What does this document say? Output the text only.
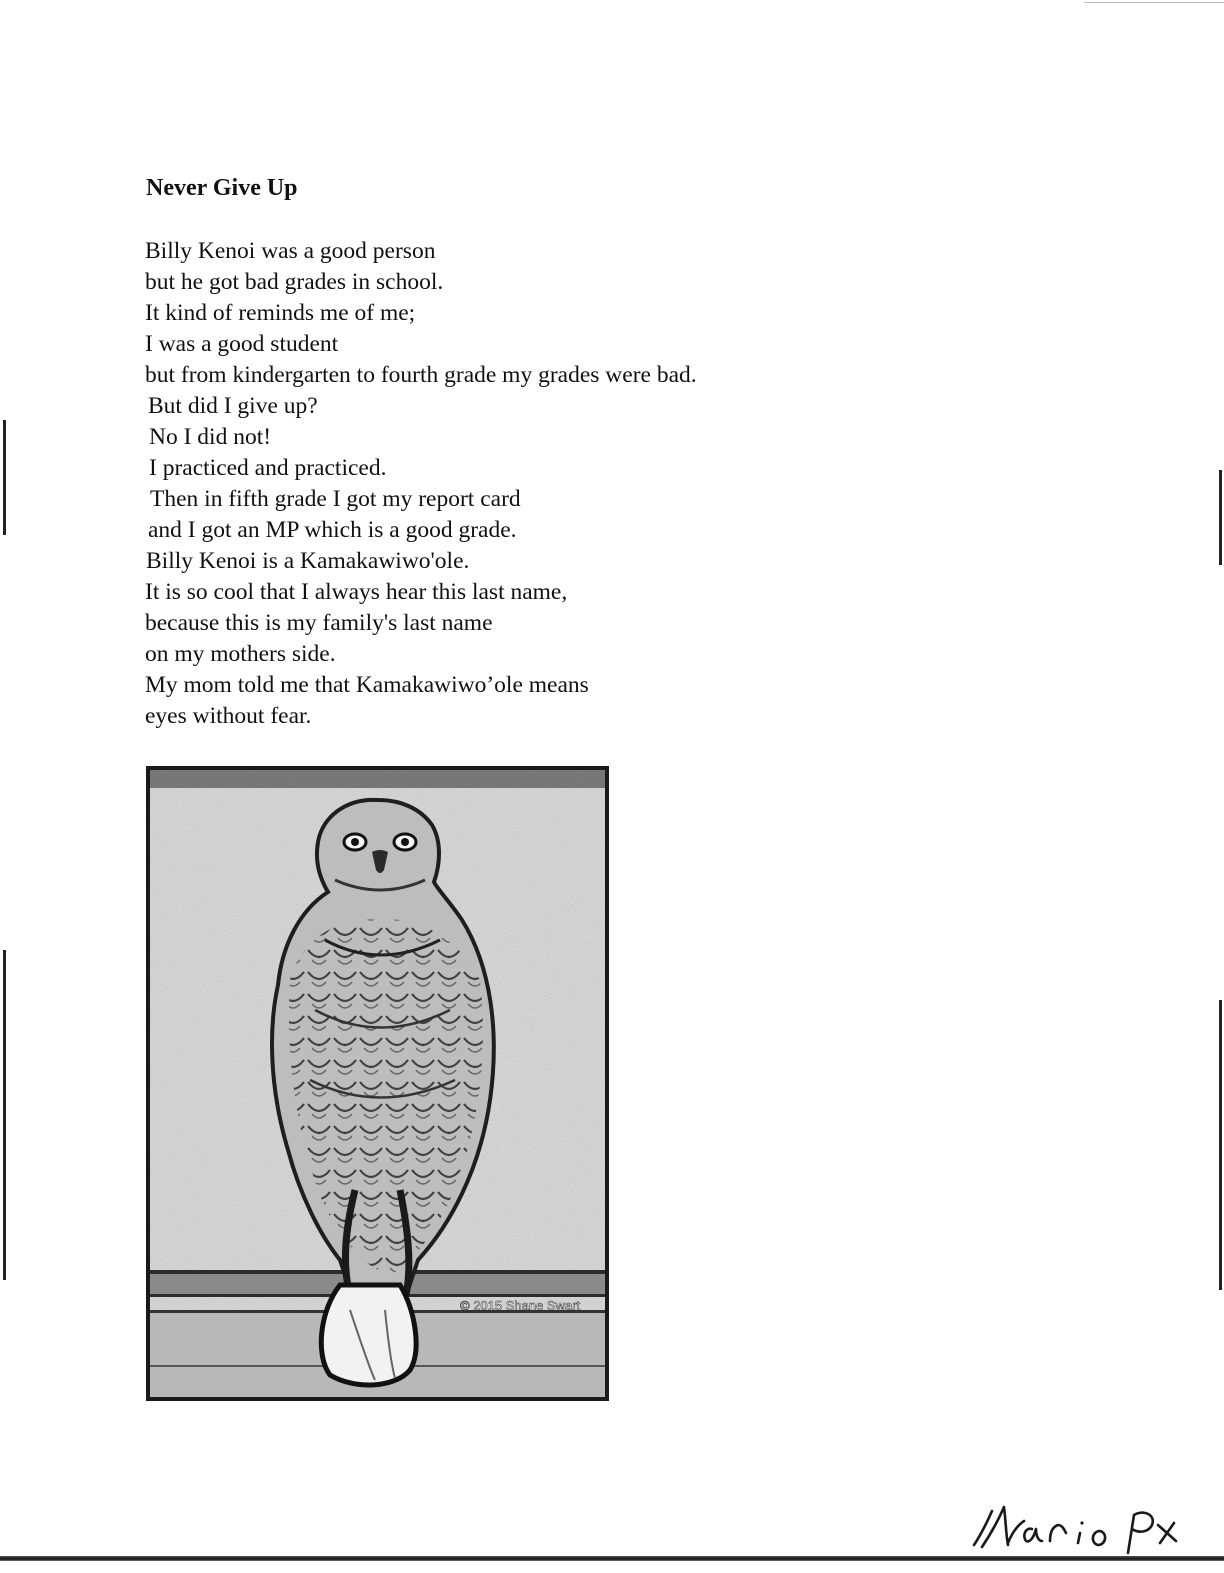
Never Give Up
Billy Kenoi was a good person
but he got bad grades in school.
It kind of reminds me of me;
I was a good student
but from kindergarten to fourth grade my grades were bad.
But did I give up?
No I did not!
I practiced and practiced.
Then in fifth grade I got my report card
and I got an MP which is a good grade.
Billy Kenoi is a Kamakawiwo'ole.
It is so cool that I always hear this last name,
because this is my family's last name
on my mothers side.
My mom told me that Kamakawiwo’ole means
eyes without fear.
© 2015 Shane Swart
